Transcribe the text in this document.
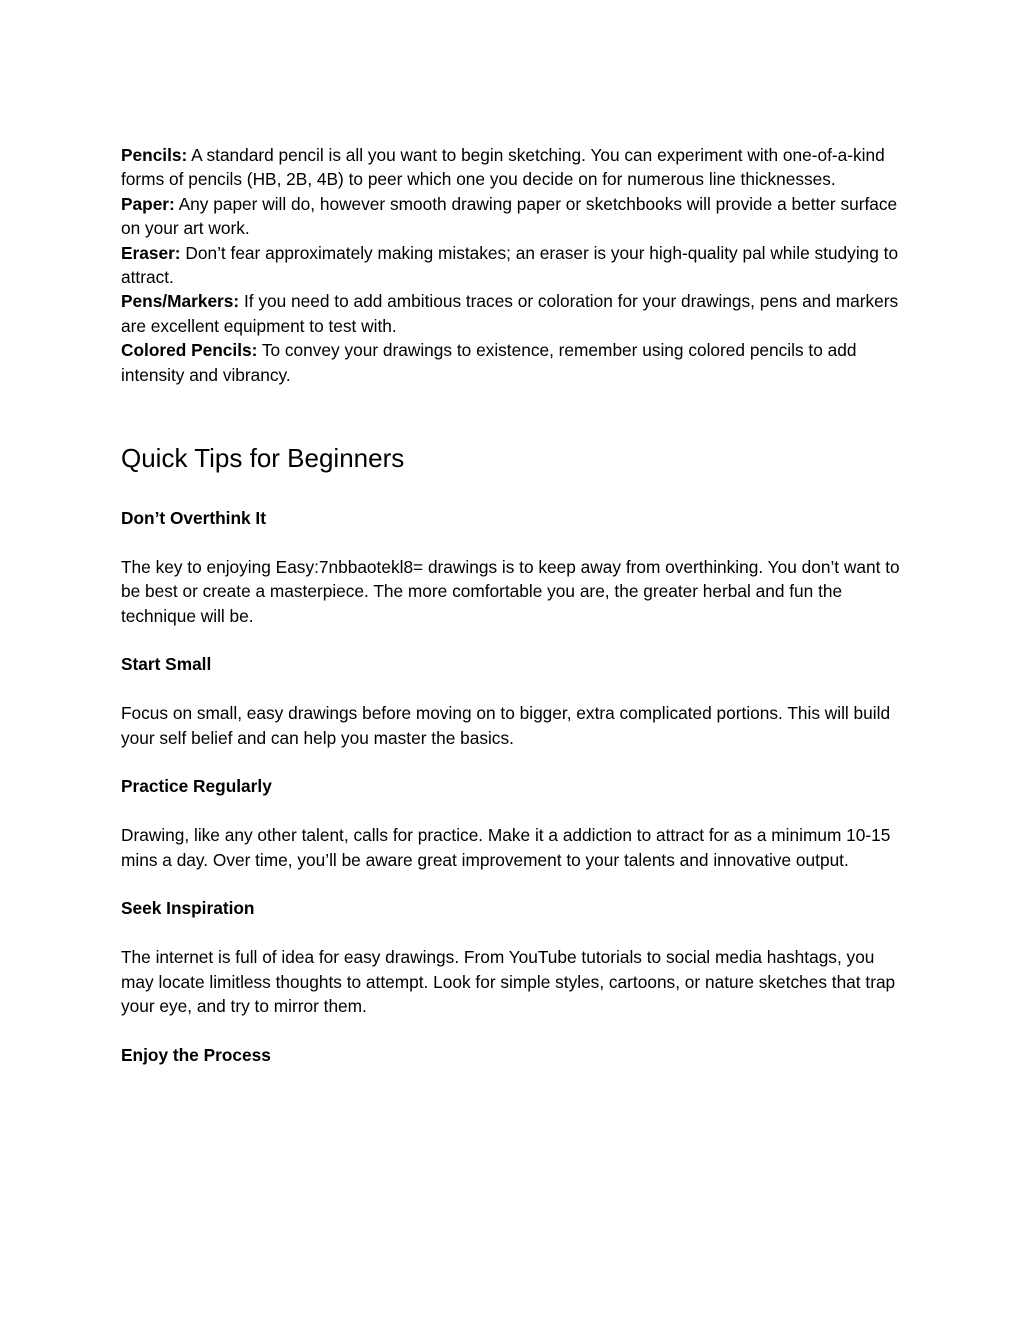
Pencils: A standard pencil is all you want to begin sketching. You can experiment with one-of-a-kind forms of pencils (HB, 2B, 4B) to peer which one you decide on for numerous line thicknesses.

Paper: Any paper will do, however smooth drawing paper or sketchbooks will provide a better surface on your art work.

Eraser: Don’t fear approximately making mistakes; an eraser is your high-quality pal while studying to attract.

Pens/Markers: If you need to add ambitious traces or coloration for your drawings, pens and markers are excellent equipment to test with.

Colored Pencils: To convey your drawings to existence, remember using colored pencils to add intensity and vibrancy.

Quick Tips for Beginners

Don’t Overthink It

The key to enjoying Easy:7nbbaotekl8= drawings is to keep away from overthinking. You don’t want to be best or create a masterpiece. The more comfortable you are, the greater herbal and fun the technique will be.

Start Small

Focus on small, easy drawings before moving on to bigger, extra complicated portions. This will build your self belief and can help you master the basics.

Practice Regularly

Drawing, like any other talent, calls for practice. Make it a addiction to attract for as a minimum 10-15 mins a day. Over time, you’ll be aware great improvement to your talents and innovative output.

Seek Inspiration

The internet is full of idea for easy drawings. From YouTube tutorials to social media hashtags, you may locate limitless thoughts to attempt. Look for simple styles, cartoons, or nature sketches that trap your eye, and try to mirror them.

Enjoy the Process
